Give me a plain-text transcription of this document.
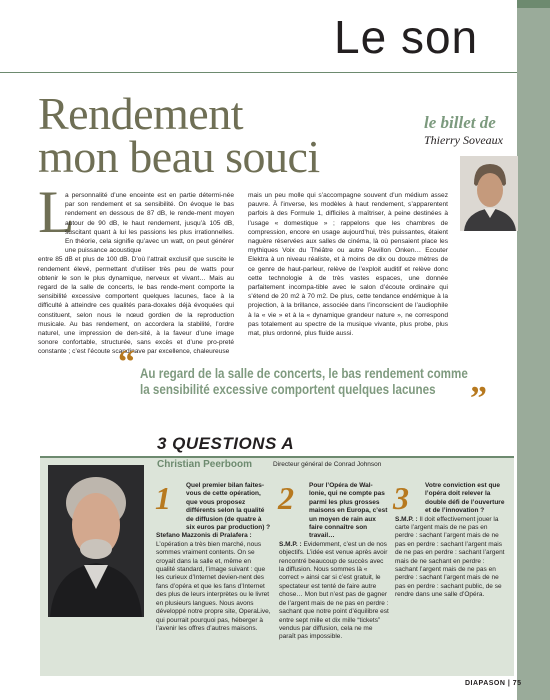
Le son
Rendement
mon beau souci
le billet de
Thierry Soveaux
L
a personnalité d’une enceinte est en partie détermi-née par son rendement et sa sensibilité. On évoque le bas rendement en dessous de 87 dB, le rende-ment moyen autour de 90 dB, le haut rendement, jusqu’à 105 dB, suscitant quant à lui les passions les plus irrationnelles. En théorie, cela signifie qu’avec un watt, on peut générer une puissance acoustique

entre 85 dB et plus de 100 dB. D’où l’attrait exclusif que suscite le rendement élevé, permettant d’utiliser très peu de watts pour obtenir le son le plus dynamique, nerveux et vivant… Mais au regard de la salle de concerts, le bas rende-ment comporte la sensibilité excessive comportent quelques lacunes, face à la difficulté à atteindre ces qualités para-doxales déjà évoquées qui constituent, selon nous le nœud gordien de la reproduction musicale. Au bas rendement, on accordera la stabilité, l’ordre naturel, une impression de den-sité, à la faveur d’une image sonore confortable, structurée, sans excès et d’une pro-preté constante ; c’est l’écoute scandinave par excellence, chaleureuse

mais un peu molle qui s’accompagne souvent d’un médium assez pauvre. À l’inverse, les modèles à haut rendement, s’apparentent parfois à des Formule 1, difficiles à maîtriser, à peine destinées à l’usage « domestique » ; rappelons que les chambres de compression, encore en usage aujourd’hui, très puissantes, étaient naguère réservées aux salles de cinéma, là où pensaient place les mythiques Voix du Théâtre ou autre Pavillon Onken… Ecouter Elektra à un niveau réaliste, et à moins de dix ou douze mètres de ce genre de haut-parleur, relève de l’exploit auditif et relève donc cette technologie à de très vastes espaces, une donnée parfaitement incompa-tible avec le salon d’écoute ordinaire qui s’étend de 20 m2 à 70 m2. De plus, cette tendance endémique à la projection, à la brillance, associée dans l’inconscient de l’audiophile à la « vie » et à la « dynamique grandeur nature », ne correspond pas totalement au spectre de la musique vivante, plus probe, plus mat, plus ordonné, plus fluide aussi.
“ Au regard de la salle de concerts, le bas rendement comme la sensibilité excessive comportent quelques lacunes	”
3 QUESTIONS A
Christian Peerboom	Directeur général de Conrad Johnson
1	2	3
Quel premier bilan faites-vous de cette opération, que vous proposez différents selon la qualité de diffusion (de quatre à six euros par production) ?
Stefano Mazzonis di Pralafera : L’opération a très bien marché, nous sommes vraiment contents. On se croyait dans la salle et, même en qualité standard, l’image suivant : que les curieux d’Internet devien-nent des fans d’opéra et que les fans d’Internet des plus de leurs interprètes ou le livret en plusieurs langues. Nous avons développé notre propre site, OperaLive, qui pourrait pourquoi pas, héberger à l’avenir les offres d’autres maisons.
Pour l’Opéra de Wal-lonie, qui ne compte pas parmi les plus grosses maisons en Europa, c’est un moyen de rain aux faire connaître son travail…
S.M.P. : Evidemment, c’est un de nos objectifs. L’idée est venue après avoir rencontré beaucoup de succès avec la diffusion. Nous sommes là « correct » ainsi car si c’est gratuit, le spectateur est tenté de faire autre chose… Mon but n’est pas de gagner de l’argent mais de ne pas en perdre : sachant que notre point d’équilibre est entre sept mille et dix mille “tickets” vendus par diffusion, cela ne me paraît pas impossible.
Votre conviction est que l’opéra doit relever la double défi de l’ouverture et de l’innovation ?
S.M.P. : Il doit effectivement jouer la carte l’argent mais de ne pas en perdre : sachant l’argent mais de ne pas en perdre : sachant l’argent mais de ne pas en perdre : sachant l’argent mais de ne sachant en perdre : sachant l’argent mais de ne pas en perdre : sachant l’argent mais de ne pas en perdre : sachant public, de se rendre dans une salle d’Opéra.
DIAPASON | 75
